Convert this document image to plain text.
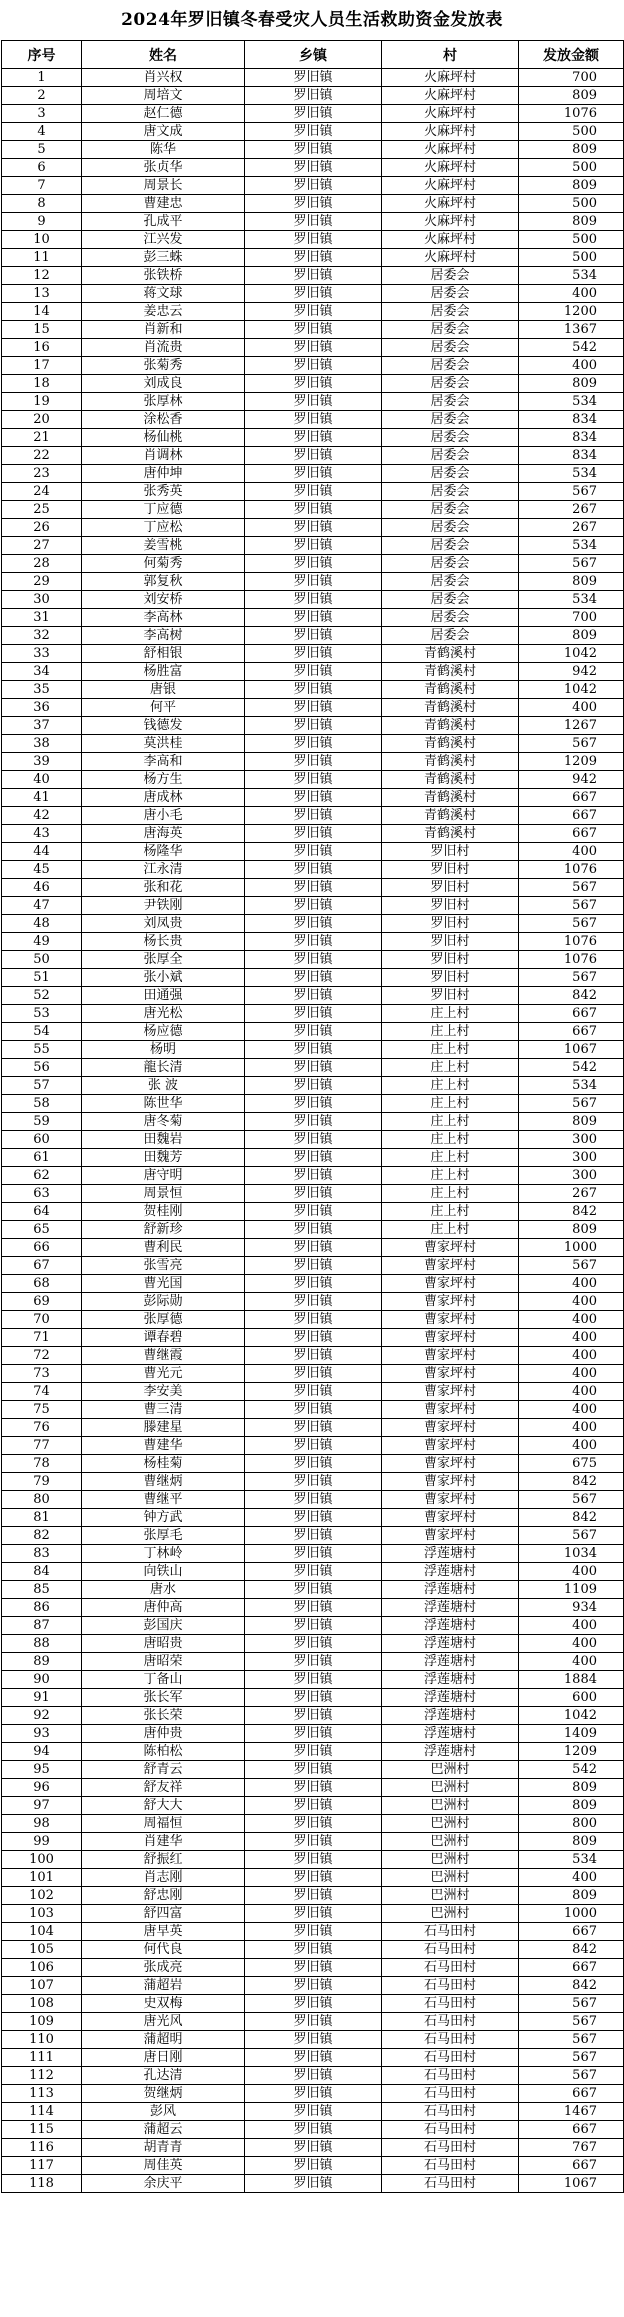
2024年罗旧镇冬春受灾人员生活救助资金发放表
序号	姓名	乡镇	村	发放金额
1	肖兴权	罗旧镇	火麻坪村	700
2	周培文	罗旧镇	火麻坪村	809
3	赵仁德	罗旧镇	火麻坪村	1076
4	唐文成	罗旧镇	火麻坪村	500
5	陈华	罗旧镇	火麻坪村	809
6	张贞华	罗旧镇	火麻坪村	500
7	周景长	罗旧镇	火麻坪村	809
8	曹建忠	罗旧镇	火麻坪村	500
9	孔成平	罗旧镇	火麻坪村	809
10	江兴发	罗旧镇	火麻坪村	500
11	彭三蛛	罗旧镇	火麻坪村	500
12	张铁桥	罗旧镇	居委会	534
13	蒋文球	罗旧镇	居委会	400
14	姜忠云	罗旧镇	居委会	1200
15	肖新和	罗旧镇	居委会	1367
16	肖流贵	罗旧镇	居委会	542
17	张菊秀	罗旧镇	居委会	400
18	刘成良	罗旧镇	居委会	809
19	张厚林	罗旧镇	居委会	534
20	涂松香	罗旧镇	居委会	834
21	杨仙桃	罗旧镇	居委会	834
22	肖调林	罗旧镇	居委会	834
23	唐仲坤	罗旧镇	居委会	534
24	张秀英	罗旧镇	居委会	567
25	丁应德	罗旧镇	居委会	267
26	丁应松	罗旧镇	居委会	267
27	姜雪桃	罗旧镇	居委会	534
28	何菊秀	罗旧镇	居委会	567
29	郭复秋	罗旧镇	居委会	809
30	刘安桥	罗旧镇	居委会	534
31	李高林	罗旧镇	居委会	700
32	李高树	罗旧镇	居委会	809
33	舒相银	罗旧镇	青鹤溪村	1042
34	杨胜富	罗旧镇	青鹤溪村	942
35	唐银	罗旧镇	青鹤溪村	1042
36	何平	罗旧镇	青鹤溪村	400
37	钱德发	罗旧镇	青鹤溪村	1267
38	莫洪桂	罗旧镇	青鹤溪村	567
39	李高和	罗旧镇	青鹤溪村	1209
40	杨方生	罗旧镇	青鹤溪村	942
41	唐成林	罗旧镇	青鹤溪村	667
42	唐小毛	罗旧镇	青鹤溪村	667
43	唐海英	罗旧镇	青鹤溪村	667
44	杨隆华	罗旧镇	罗旧村	400
45	江永清	罗旧镇	罗旧村	1076
46	张和花	罗旧镇	罗旧村	567
47	尹铁刚	罗旧镇	罗旧村	567
48	刘凤贵	罗旧镇	罗旧村	567
49	杨长贵	罗旧镇	罗旧村	1076
50	张厚全	罗旧镇	罗旧村	1076
51	张小斌	罗旧镇	罗旧村	567
52	田通强	罗旧镇	罗旧村	842
53	唐光松	罗旧镇	庄上村	667
54	杨应德	罗旧镇	庄上村	667
55	杨明	罗旧镇	庄上村	1067
56	龍长清	罗旧镇	庄上村	542
57	张 波	罗旧镇	庄上村	534
58	陈世华	罗旧镇	庄上村	567
59	唐冬菊	罗旧镇	庄上村	809
60	田魏岩	罗旧镇	庄上村	300
61	田魏芳	罗旧镇	庄上村	300
62	唐守明	罗旧镇	庄上村	300
63	周景恒	罗旧镇	庄上村	267
64	贺桂刚	罗旧镇	庄上村	842
65	舒新珍	罗旧镇	庄上村	809
66	曹利民	罗旧镇	曹家坪村	1000
67	张雪亮	罗旧镇	曹家坪村	567
68	曹光国	罗旧镇	曹家坪村	400
69	彭际勋	罗旧镇	曹家坪村	400
70	张厚德	罗旧镇	曹家坪村	400
71	谭春碧	罗旧镇	曹家坪村	400
72	曹继霞	罗旧镇	曹家坪村	400
73	曹光元	罗旧镇	曹家坪村	400
74	李安美	罗旧镇	曹家坪村	400
75	曹三清	罗旧镇	曹家坪村	400
76	滕建星	罗旧镇	曹家坪村	400
77	曹建华	罗旧镇	曹家坪村	400
78	杨桂菊	罗旧镇	曹家坪村	675
79	曹继炳	罗旧镇	曹家坪村	842
80	曹继平	罗旧镇	曹家坪村	567
81	钟方武	罗旧镇	曹家坪村	842
82	张厚毛	罗旧镇	曹家坪村	567
83	丁林岭	罗旧镇	浮莲塘村	1034
84	向铁山	罗旧镇	浮莲塘村	400
85	唐水	罗旧镇	浮莲塘村	1109
86	唐仲高	罗旧镇	浮莲塘村	934
87	彭国庆	罗旧镇	浮莲塘村	400
88	唐昭贵	罗旧镇	浮莲塘村	400
89	唐昭荣	罗旧镇	浮莲塘村	400
90	丁备山	罗旧镇	浮莲塘村	1884
91	张长军	罗旧镇	浮莲塘村	600
92	张长荣	罗旧镇	浮莲塘村	1042
93	唐仲贵	罗旧镇	浮莲塘村	1409
94	陈柏松	罗旧镇	浮莲塘村	1209
95	舒青云	罗旧镇	巴洲村	542
96	舒友祥	罗旧镇	巴洲村	809
97	舒大大	罗旧镇	巴洲村	809
98	周福恒	罗旧镇	巴洲村	800
99	肖建华	罗旧镇	巴洲村	809
100	舒振红	罗旧镇	巴洲村	534
101	肖志刚	罗旧镇	巴洲村	400
102	舒忠刚	罗旧镇	巴洲村	809
103	舒四富	罗旧镇	巴洲村	1000
104	唐早英	罗旧镇	石马田村	667
105	何代良	罗旧镇	石马田村	842
106	张成亮	罗旧镇	石马田村	667
107	蒲超岩	罗旧镇	石马田村	842
108	史双梅	罗旧镇	石马田村	567
109	唐光风	罗旧镇	石马田村	567
110	蒲超明	罗旧镇	石马田村	567
111	唐日刚	罗旧镇	石马田村	567
112	孔达清	罗旧镇	石马田村	567
113	贺继炳	罗旧镇	石马田村	667
114	彭风	罗旧镇	石马田村	1467
115	蒲超云	罗旧镇	石马田村	667
116	胡青青	罗旧镇	石马田村	767
117	周佳英	罗旧镇	石马田村	667
118	余庆平	罗旧镇	石马田村	1067
